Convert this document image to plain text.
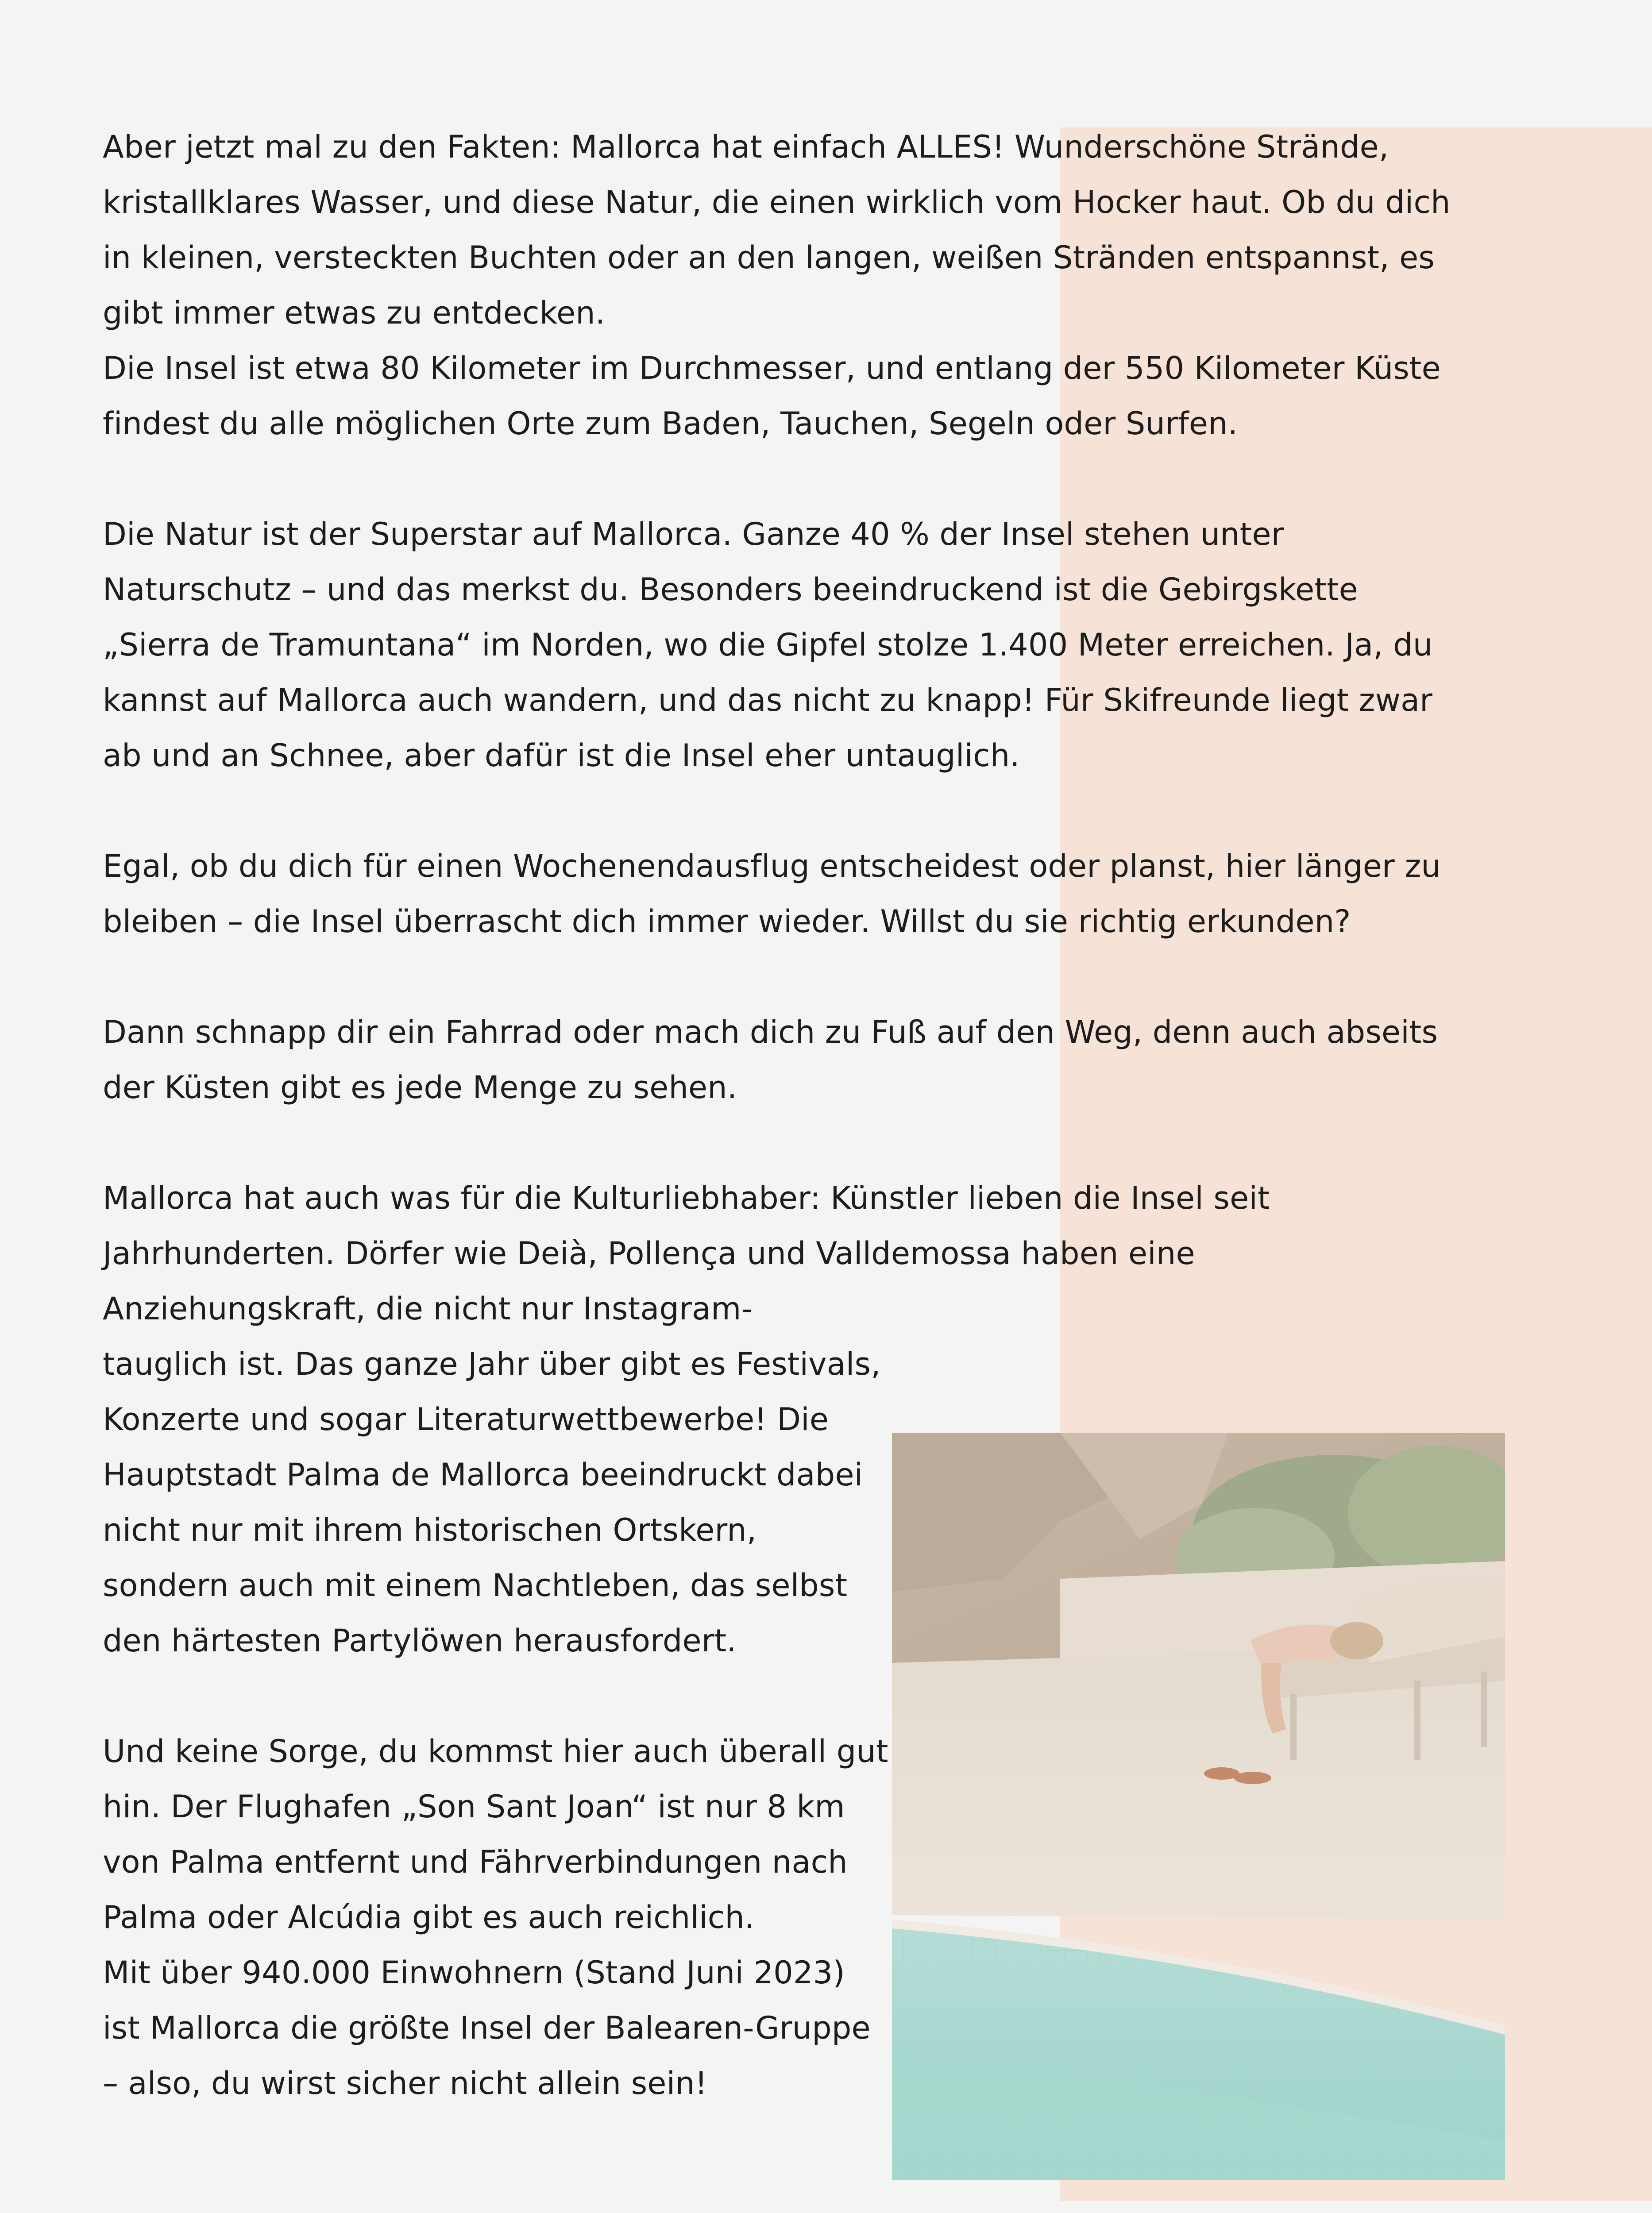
Aber jetzt mal zu den Fakten: Mallorca hat einfach ALLES! Wunderschöne Strände,
kristallklares Wasser, und diese Natur, die einen wirklich vom Hocker haut. Ob du dich
in kleinen, versteckten Buchten oder an den langen, weißen Stränden entspannst, es
gibt immer etwas zu entdecken.
Die Insel ist etwa 80 Kilometer im Durchmesser, und entlang der 550 Kilometer Küste
findest du alle möglichen Orte zum Baden, Tauchen, Segeln oder Surfen.
Die Natur ist der Superstar auf Mallorca. Ganze 40 % der Insel stehen unter
Naturschutz – und das merkst du. Besonders beeindruckend ist die Gebirgskette
„Sierra de Tramuntana“ im Norden, wo die Gipfel stolze 1.400 Meter erreichen. Ja, du
kannst auf Mallorca auch wandern, und das nicht zu knapp! Für Skifreunde liegt zwar
ab und an Schnee, aber dafür ist die Insel eher untauglich.
Egal, ob du dich für einen Wochenendausflug entscheidest oder planst, hier länger zu
bleiben – die Insel überrascht dich immer wieder. Willst du sie richtig erkunden?
Dann schnapp dir ein Fahrrad oder mach dich zu Fuß auf den Weg, denn auch abseits
der Küsten gibt es jede Menge zu sehen.
Mallorca hat auch was für die Kulturliebhaber: Künstler lieben die Insel seit
Jahrhunderten. Dörfer wie Deià, Pollença und Valldemossa haben eine
Anziehungskraft, die nicht nur Instagram-
tauglich ist. Das ganze Jahr über gibt es Festivals,
Konzerte und sogar Literaturwettbewerbe! Die
Hauptstadt Palma de Mallorca beeindruckt dabei
nicht nur mit ihrem historischen Ortskern,
sondern auch mit einem Nachtleben, das selbst
den härtesten Partylöwen herausfordert.
Und keine Sorge, du kommst hier auch überall gut
hin. Der Flughafen „Son Sant Joan“ ist nur 8 km
von Palma entfernt und Fährverbindungen nach
Palma oder Alcúdia gibt es auch reichlich.
Mit über 940.000 Einwohnern (Stand Juni 2023)
ist Mallorca die größte Insel der Balearen-Gruppe
– also, du wirst sicher nicht allein sein!
